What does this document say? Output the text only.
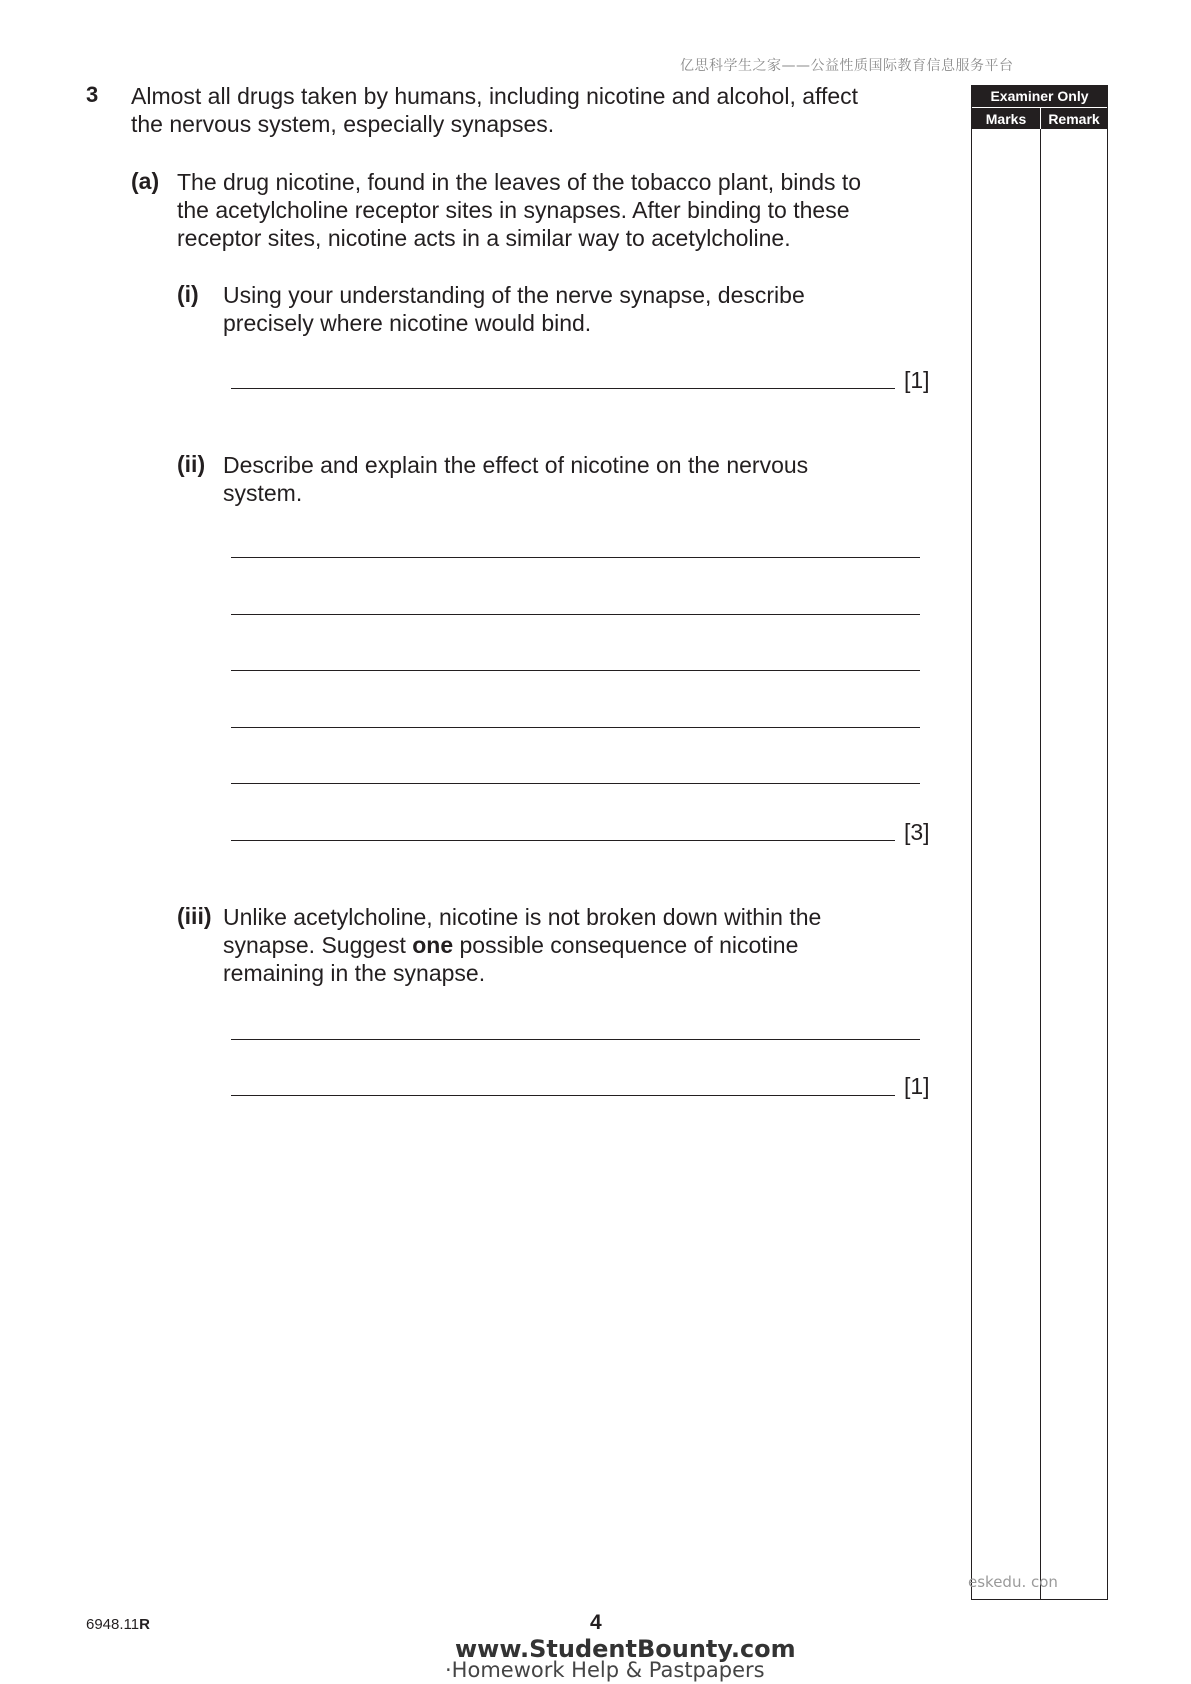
亿思科学生之家——公益性质国际教育信息服务平台
3 Almost all drugs taken by humans, including nicotine and alcohol, affect
the nervous system, especially synapses.
(a) The drug nicotine, found in the leaves of the tobacco plant, binds to
the acetylcholine receptor sites in synapses. After binding to these
receptor sites, nicotine acts in a similar way to acetylcholine.
(i) Using your understanding of the nerve synapse, describe
precisely where nicotine would bind.
[1]
(ii) Describe and explain the effect of nicotine on the nervous
system.
[3]
(iii) Unlike acetylcholine, nicotine is not broken down within the
synapse. Suggest one possible consequence of nicotine
remaining in the synapse.
[1]
Examiner Only
Marks	Remark
eskedu. con
6948.11R	4
www.StudentBounty.com
·Homework Help & Pastpapers
